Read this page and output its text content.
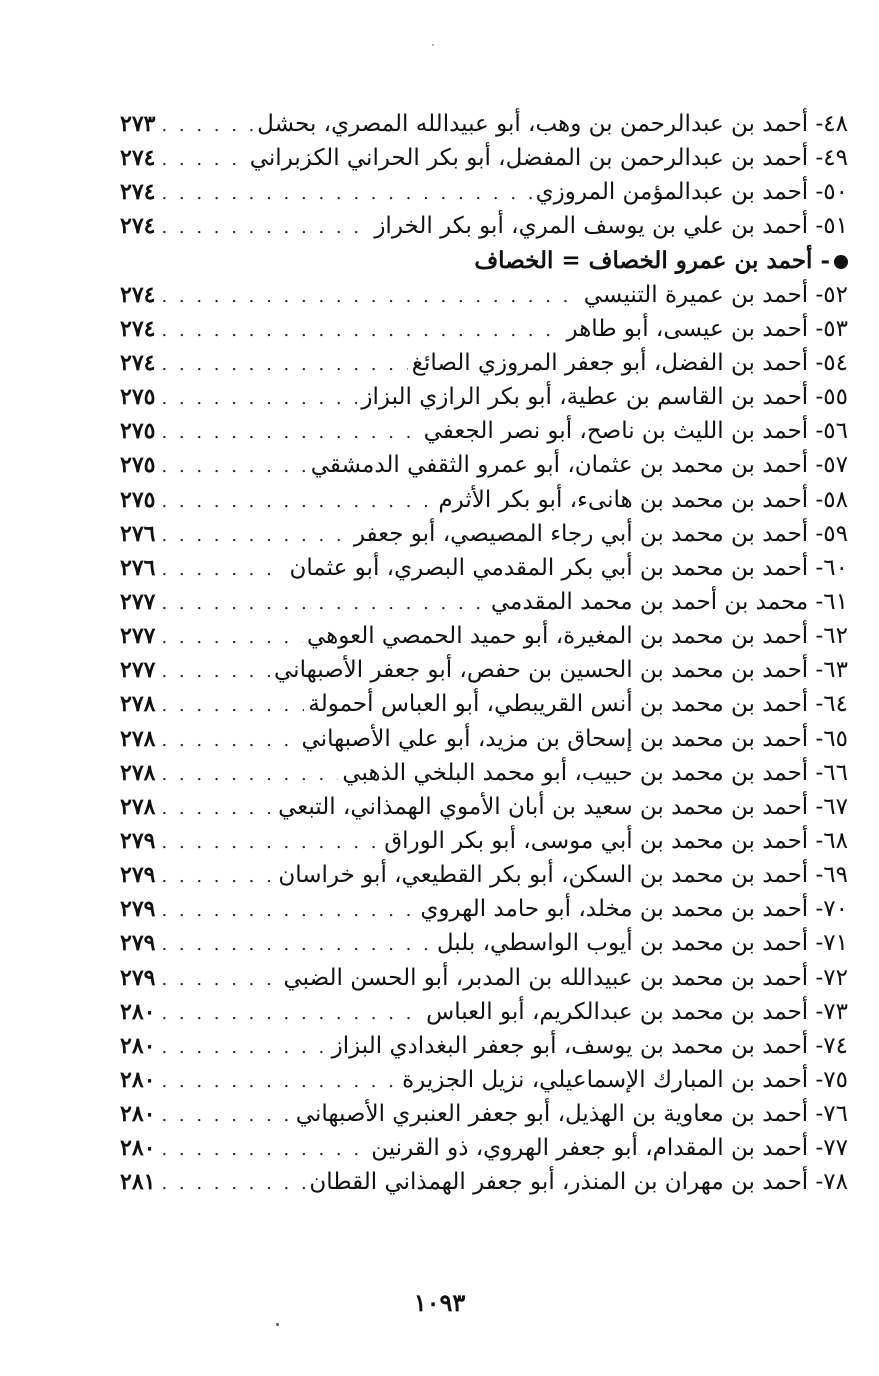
٤٨- أحمد بن عبدالرحمن بن وهب، أبو عبيدالله المصري، بحشل
. . .
٢٧٣
٤٩- أحمد بن عبدالرحمن بن المفضل، أبو بكر الحراني الكزبراني
. . .
٢٧٤
٥٠- أحمد بن عبدالمؤمن المروزي
. . .
٢٧٤
٥١- أحمد بن علي بن يوسف المري، أبو بكر الخراز
. . .
٢٧٤
- أحمد بن عمرو الخصاف = الخصاف
٥٢- أحمد بن عميرة التنيسي
. . .
٢٧٤
٥٣- أحمد بن عيسى، أبو طاهر
. . .
٢٧٤
٥٤- أحمد بن الفضل، أبو جعفر المروزي الصائغ
. . .
٢٧٤
٥٥- أحمد بن القاسم بن عطية، أبو بكر الرازي البزاز
. . .
٢٧٥
٥٦- أحمد بن الليث بن ناصح، أبو نصر الجعفي
. . .
٢٧٥
٥٧- أحمد بن محمد بن عثمان، أبو عمرو الثقفي الدمشقي
. . .
٢٧٥
٥٨- أحمد بن محمد بن هانىء، أبو بكر الأثرم
. . .
٢٧٥
٥٩- أحمد بن محمد بن أبي رجاء المصيصي، أبو جعفر
. . .
٢٧٦
٦٠- أحمد بن محمد بن أبي بكر المقدمي البصري، أبو عثمان
. . .
٢٧٦
٦١- محمد بن أحمد بن محمد المقدمي
. . .
٢٧٧
٦٢- أحمد بن محمد بن المغيرة، أبو حميد الحمصي العوهي
. . .
٢٧٧
٦٣- أحمد بن محمد بن الحسين بن حفص، أبو جعفر الأصبهاني
. . .
٢٧٧
٦٤- أحمد بن محمد بن أنس القريبطي، أبو العباس أحمولة
. . .
٢٧٨
٦٥- أحمد بن محمد بن إسحاق بن مزيد، أبو علي الأصبهاني
. . .
٢٧٨
٦٦- أحمد بن محمد بن حبيب، أبو محمد البلخي الذهبي
. . .
٢٧٨
٦٧- أحمد بن محمد بن سعيد بن أبان الأموي الهمذاني، التبعي
. . .
٢٧٨
٦٨- أحمد بن محمد بن أبي موسى، أبو بكر الوراق
. . .
٢٧٩
٦٩- أحمد بن محمد بن السكن، أبو بكر القطيعي، أبو خراسان
. . .
٢٧٩
٧٠- أحمد بن محمد بن مخلد، أبو حامد الهروي
. . .
٢٧٩
٧١- أحمد بن محمد بن أيوب الواسطي، بلبل
. . .
٢٧٩
٧٢- أحمد بن محمد بن عبيدالله بن المدبر، أبو الحسن الضبي
. . .
٢٧٩
٧٣- أحمد بن محمد بن عبدالكريم، أبو العباس
. . .
٢٨٠
٧٤- أحمد بن محمد بن يوسف، أبو جعفر البغدادي البزاز
. . .
٢٨٠
٧٥- أحمد بن المبارك الإسماعيلي، نزيل الجزيرة
. . .
٢٨٠
٧٦- أحمد بن معاوية بن الهذيل، أبو جعفر العنبري الأصبهاني
. . .
٢٨٠
٧٧- أحمد بن المقدام، أبو جعفر الهروي، ذو القرنين
. . .
٢٨٠
٧٨- أحمد بن مهران بن المنذر، أبو جعفر الهمذاني القطان
. . .
٢٨١
١٠٩٣
